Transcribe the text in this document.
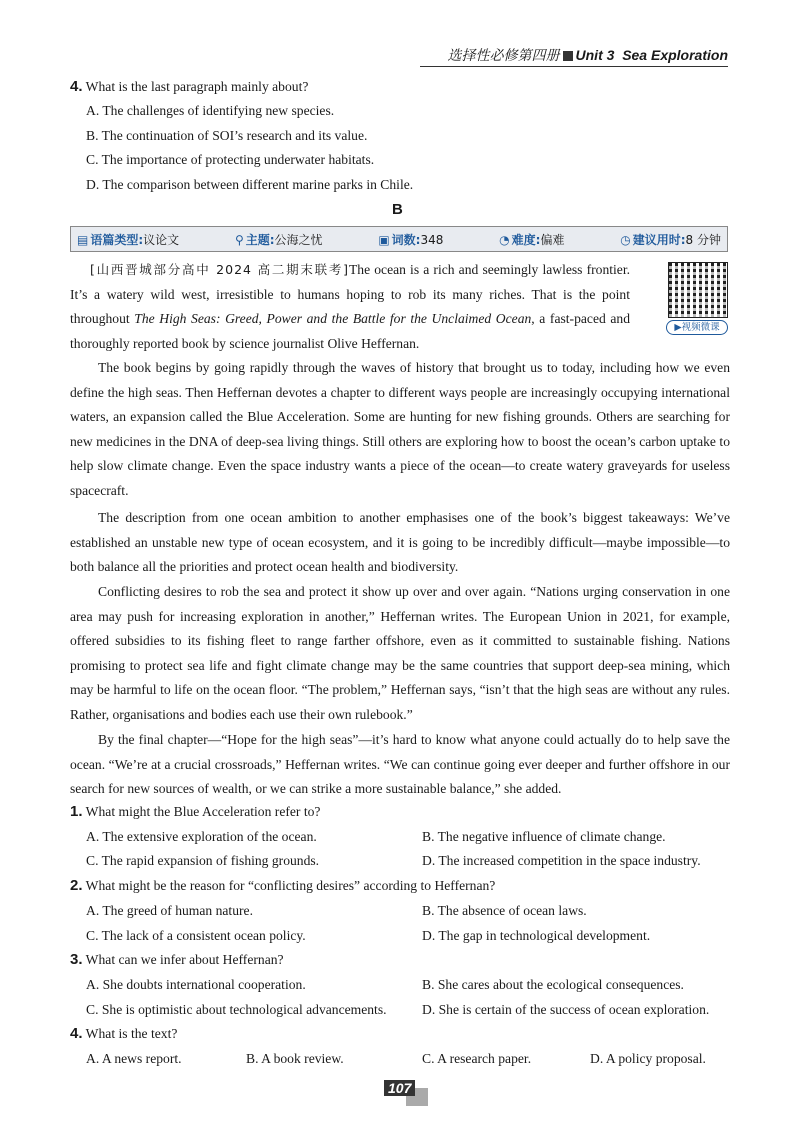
选择性必修第四册 Unit 3 Sea Exploration
4. What is the last paragraph mainly about?
A. The challenges of identifying new species.
B. The continuation of SOI’s research and its value.
C. The importance of protecting underwater habitats.
D. The comparison between different marine parks in Chile.
B
▤ 语篇类型:议论文	⚲ 主题:公海之忧	▣ 词数:348	◔ 难度:偏难	◷ 建议用时:8 分钟
▶视频微课
[山西晋城部分高中 2024 高二期末联考]The ocean is a rich and seemingly lawless frontier. It’s a watery wild west, irresistible to humans hoping to rob its many riches. That is the point throughout The High Seas: Greed, Power and the Battle for the Unclaimed Ocean, a fast-paced and thoroughly reported book by science journalist Olive Heffernan.
The book begins by going rapidly through the waves of history that brought us to today, including how we even define the high seas. Then Heffernan devotes a chapter to different ways people are increasingly occupying international waters, an expansion called the Blue Acceleration. Some are hunting for new fishing grounds. Others are searching for new medicines in the DNA of deep-sea living things. Still others are exploring how to boost the ocean’s carbon uptake to help slow climate change. Even the space industry wants a piece of the ocean—to create watery graveyards for useless spacecraft.
The description from one ocean ambition to another emphasises one of the book’s biggest takeaways: We’ve established an unstable new type of ocean ecosystem, and it is going to be incredibly difficult—maybe impossible—to both balance all the priorities and protect ocean health and biodiversity.
Conflicting desires to rob the sea and protect it show up over and over again. “Nations urging conservation in one area may push for increasing exploration in another,” Heffernan writes. The European Union in 2021, for example, offered subsidies to its fishing fleet to range farther offshore, even as it committed to sustainable fishing. Nations promising to protect sea life and fight climate change may be the same countries that support deep-sea mining, which may be harmful to life on the ocean floor. “The problem,” Heffernan says, “isn’t that the high seas are without any rules. Rather, organisations and bodies each use their own rulebook.”
By the final chapter—“Hope for the high seas”—it’s hard to know what anyone could actually do to help save the ocean. “We’re at a crucial crossroads,” Heffernan writes. “We can continue going ever deeper and further offshore in our search for new sources of wealth, or we can strike a more sustainable balance,” she added.
1. What might the Blue Acceleration refer to?
A. The extensive exploration of the ocean.	B. The negative influence of climate change.
C. The rapid expansion of fishing grounds.	D. The increased competition in the space industry.
2. What might be the reason for “conflicting desires” according to Heffernan?
A. The greed of human nature.	B. The absence of ocean laws.
C. The lack of a consistent ocean policy.	D. The gap in technological development.
3. What can we infer about Heffernan?
A. She doubts international cooperation.	B. She cares about the ecological consequences.
C. She is optimistic about technological advancements.	D. She is certain of the success of ocean exploration.
4. What is the text?
A. A news report.	B. A book review.	C. A research paper.	D. A policy proposal.
107
